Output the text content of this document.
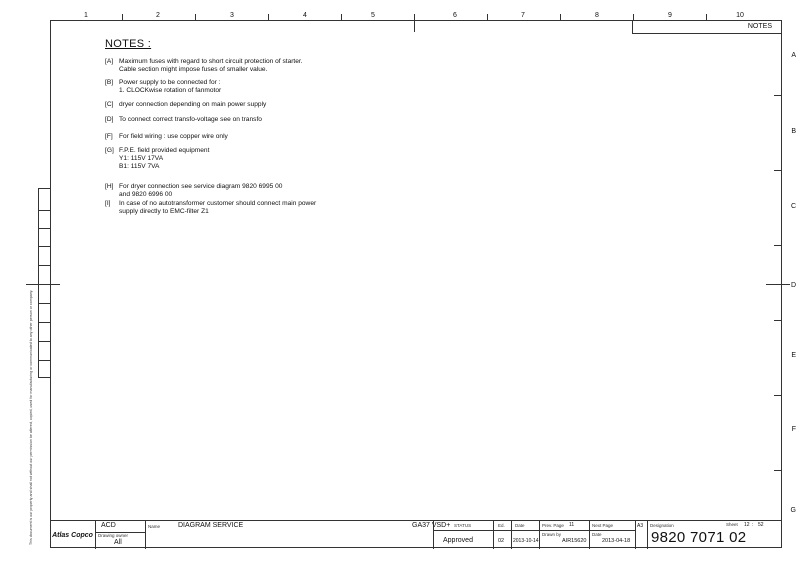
1	2	3	4	5	6	7	8	9	10
NOTES
A
B
C
D
E
F
G
This document is our property and shall not without our permission be altered, copied, used for manufacturing or communicated to any other person or company.
NOTES :
[A] Maximum fuses with regard to short circuit protection of starter.
Cable section might impose fuses of smaller value.
[B] Power supply to be connected for :
1. CLOCKwise rotation of fanmotor
[C] dryer connection depending on main power supply
[D] To connect correct transfo-voltage see on transfo
[F] For field wiring : use copper wire only
[G] F.P.E. field provided equipment
Y1: 115V 17VA
B1: 115V 7VA
[H] For dryer connection see service diagram 9820 6995 00
and 9820 6996 00
[I] In case of no autotransformer customer should connect main power
supply directly to EMC-filter Z1
Atlas Copco
ACD
Drawing owner
All
Name	DIAGRAM SERVICE	GA37 VSD+ STATUS
Approved
Ed.
02
Date
2013-10-14
Prev. Page 11
Drawn by
AIR15620
Next Page
Date
2013-04-18
A3 Designation	Sheet 12 : 52
9820 7071 02
